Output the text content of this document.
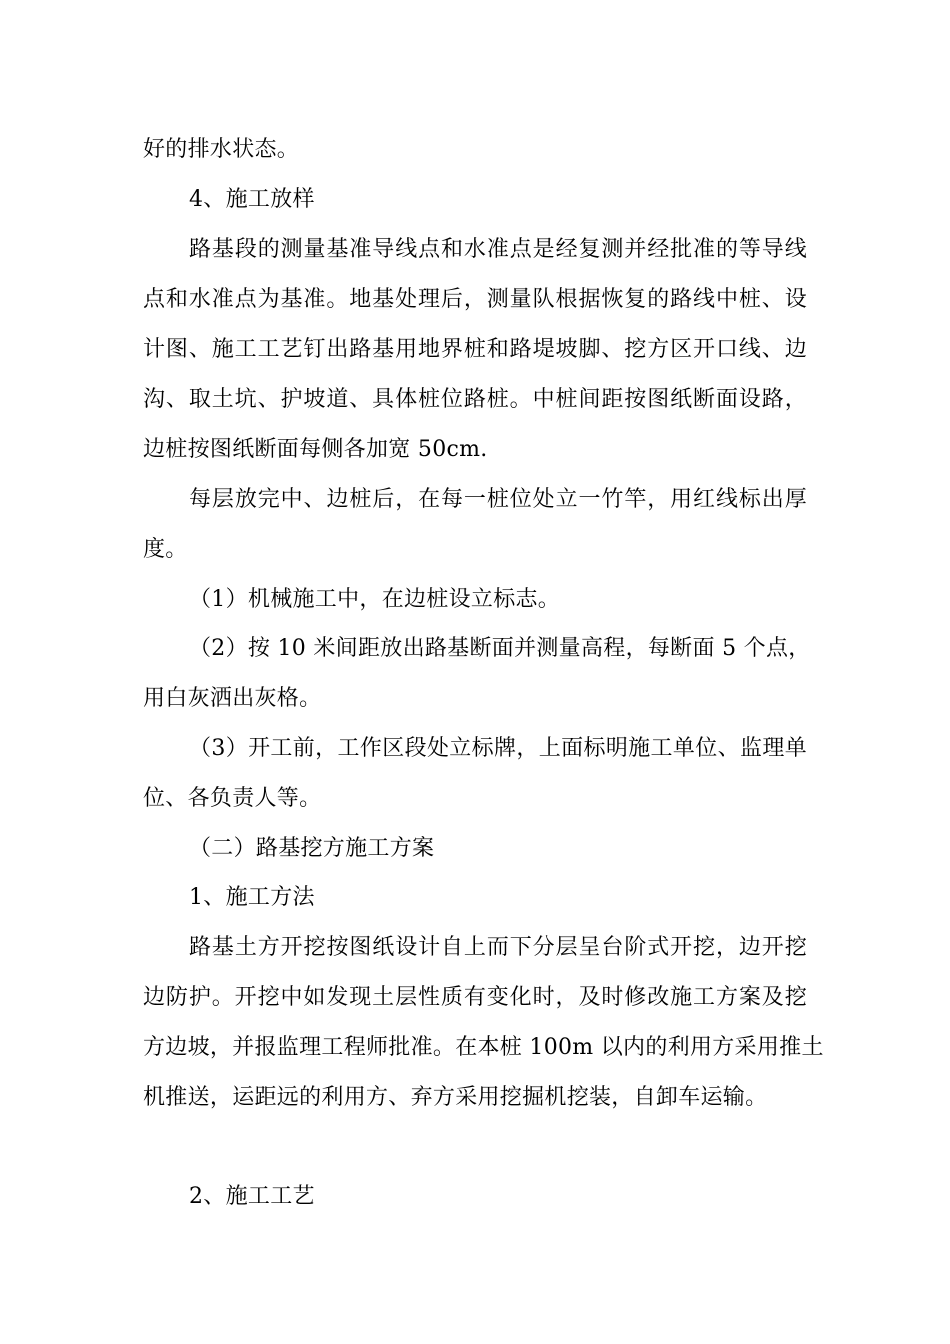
好的排水状态。
4、施工放样
路基段的测量基准导线点和水准点是经复测并经批准的等导线
点和水准点为基准。地基处理后，测量队根据恢复的路线中桩、设
计图、施工工艺钉出路基用地界桩和路堤坡脚、挖方区开口线、边
沟、取土坑、护坡道、具体桩位路桩。中桩间距按图纸断面设路，
边桩按图纸断面每侧各加宽 50cm.
每层放完中、边桩后，在每一桩位处立一竹竿，用红线标出厚
度。
（1）机械施工中，在边桩设立标志。
（2）按 10 米间距放出路基断面并测量高程，每断面 5 个点，
用白灰洒出灰格。
（3）开工前，工作区段处立标牌，上面标明施工单位、监理单
位、各负责人等。
（二）路基挖方施工方案
1、施工方法
路基土方开挖按图纸设计自上而下分层呈台阶式开挖，边开挖
边防护。开挖中如发现土层性质有变化时，及时修改施工方案及挖
方边坡，并报监理工程师批准。在本桩 100m 以内的利用方采用推土
机推送，运距远的利用方、弃方采用挖掘机挖装，自卸车运输。
2、施工工艺
